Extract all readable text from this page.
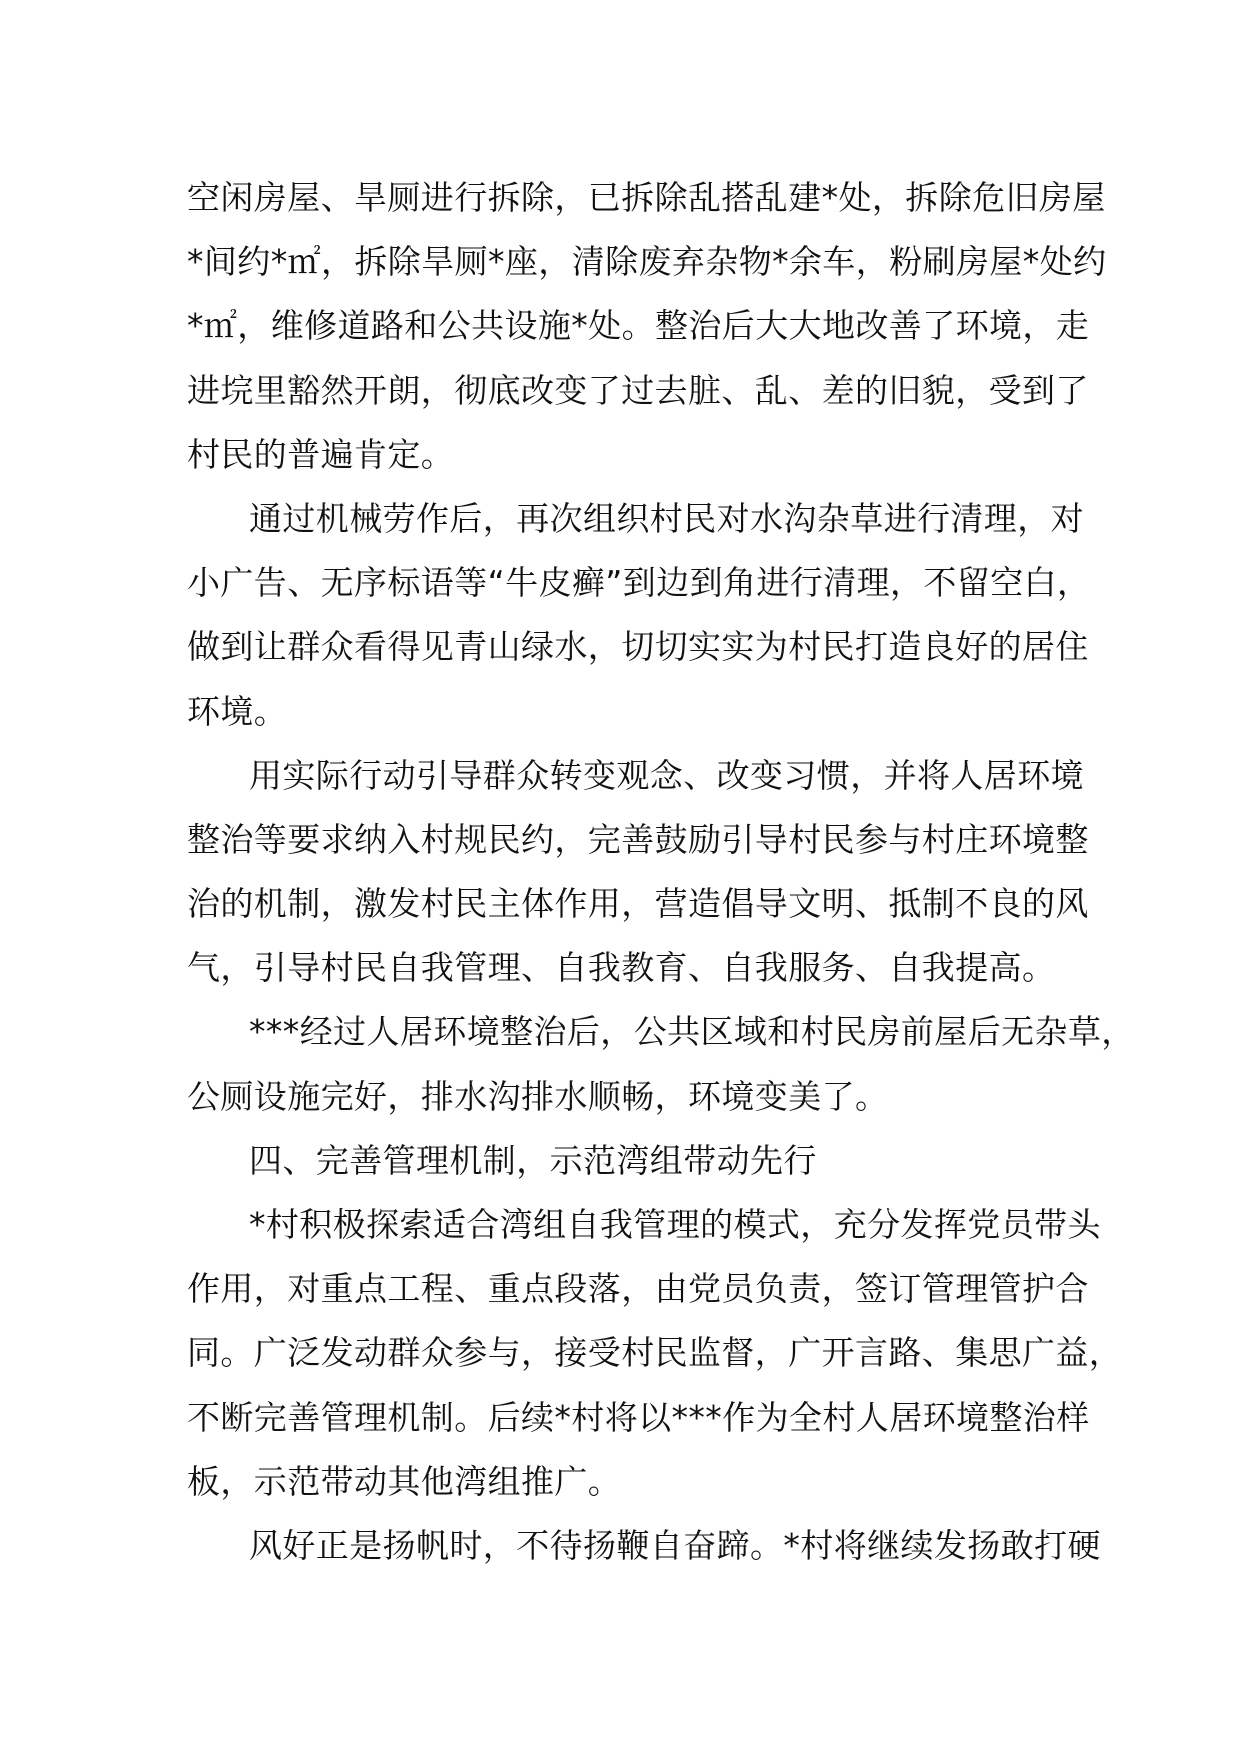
空闲房屋、旱厕进行拆除，已拆除乱搭乱建*处，拆除危旧房屋
*间约*㎡，拆除旱厕*座，清除废弃杂物*余车，粉刷房屋*处约
*㎡，维修道路和公共设施*处。整治后大大地改善了环境，走
进垸里豁然开朗，彻底改变了过去脏、乱、差的旧貌，受到了
村民的普遍肯定。
通过机械劳作后，再次组织村民对水沟杂草进行清理，对
小广告、无序标语等“牛皮癣”到边到角进行清理，不留空白，
做到让群众看得见青山绿水，切切实实为村民打造良好的居住
环境。
用实际行动引导群众转变观念、改变习惯，并将人居环境
整治等要求纳入村规民约，完善鼓励引导村民参与村庄环境整
治的机制，激发村民主体作用，营造倡导文明、抵制不良的风
气，引导村民自我管理、自我教育、自我服务、自我提高。
***经过人居环境整治后，公共区域和村民房前屋后无杂草，
公厕设施完好，排水沟排水顺畅，环境变美了。
四、完善管理机制，示范湾组带动先行
*村积极探索适合湾组自我管理的模式，充分发挥党员带头
作用，对重点工程、重点段落，由党员负责，签订管理管护合
同。广泛发动群众参与，接受村民监督，广开言路、集思广益，
不断完善管理机制。后续*村将以***作为全村人居环境整治样
板，示范带动其他湾组推广。
风好正是扬帆时，不待扬鞭自奋蹄。*村将继续发扬敢打硬
